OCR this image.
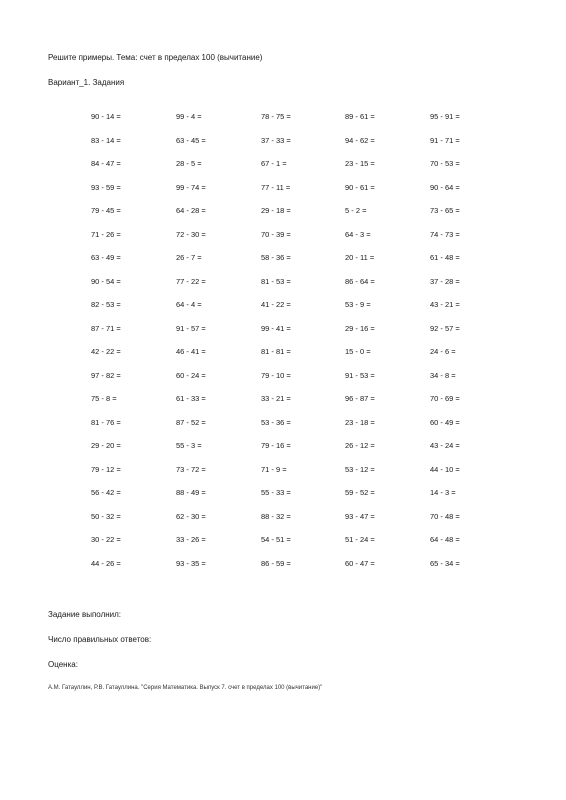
Решите примеры. Тема: счет в пределах 100 (вычитание)
Вариант_1. Задания
90 - 14 =	99 - 4 =	78 - 75 =	89 - 61 =	95 - 91 =
83 - 14 =	63 - 45 =	37 - 33 =	94 - 62 =	91 - 71 =
84 - 47 =	28 - 5 =	67 - 1 =	23 - 15 =	70 - 53 =
93 - 59 =	99 - 74 =	77 - 11 =	90 - 61 =	90 - 64 =
79 - 45 =	64 - 28 =	29 - 18 =	5 - 2 =	73 - 65 =
71 - 26 =	72 - 30 =	70 - 39 =	64 - 3 =	74 - 73 =
63 - 49 =	26 - 7 =	58 - 36 =	20 - 11 =	61 - 48 =
90 - 54 =	77 - 22 =	81 - 53 =	86 - 64 =	37 - 28 =
82 - 53 =	64 - 4 =	41 - 22 =	53 - 9 =	43 - 21 =
87 - 71 =	91 - 57 =	99 - 41 =	29 - 16 =	92 - 57 =
42 - 22 =	46 - 41 =	81 - 81 =	15 - 0 =	24 - 6 =
97 - 82 =	60 - 24 =	79 - 10 =	91 - 53 =	34 - 8 =
75 - 8 =	61 - 33 =	33 - 21 =	96 - 87 =	70 - 69 =
81 - 76 =	87 - 52 =	53 - 36 =	23 - 18 =	60 - 49 =
29 - 20 =	55 - 3 =	79 - 16 =	26 - 12 =	43 - 24 =
79 - 12 =	73 - 72 =	71 - 9 =	53 - 12 =	44 - 10 =
56 - 42 =	88 - 49 =	55 - 33 =	59 - 52 =	14 - 3 =
50 - 32 =	62 - 30 =	88 - 32 =	93 - 47 =	70 - 48 =
30 - 22 =	33 - 26 =	54 - 51 =	51 - 24 =	64 - 48 =
44 - 26 =	93 - 35 =	86 - 59 =	60 - 47 =	65 - 34 =
Задание выполнил:
Число правильных ответов:
Оценка:
А.М. Гатауллин, Р.В. Гатауллина. "Серия Математика. Выпуск 7. счет в пределах 100 (вычитание)"
